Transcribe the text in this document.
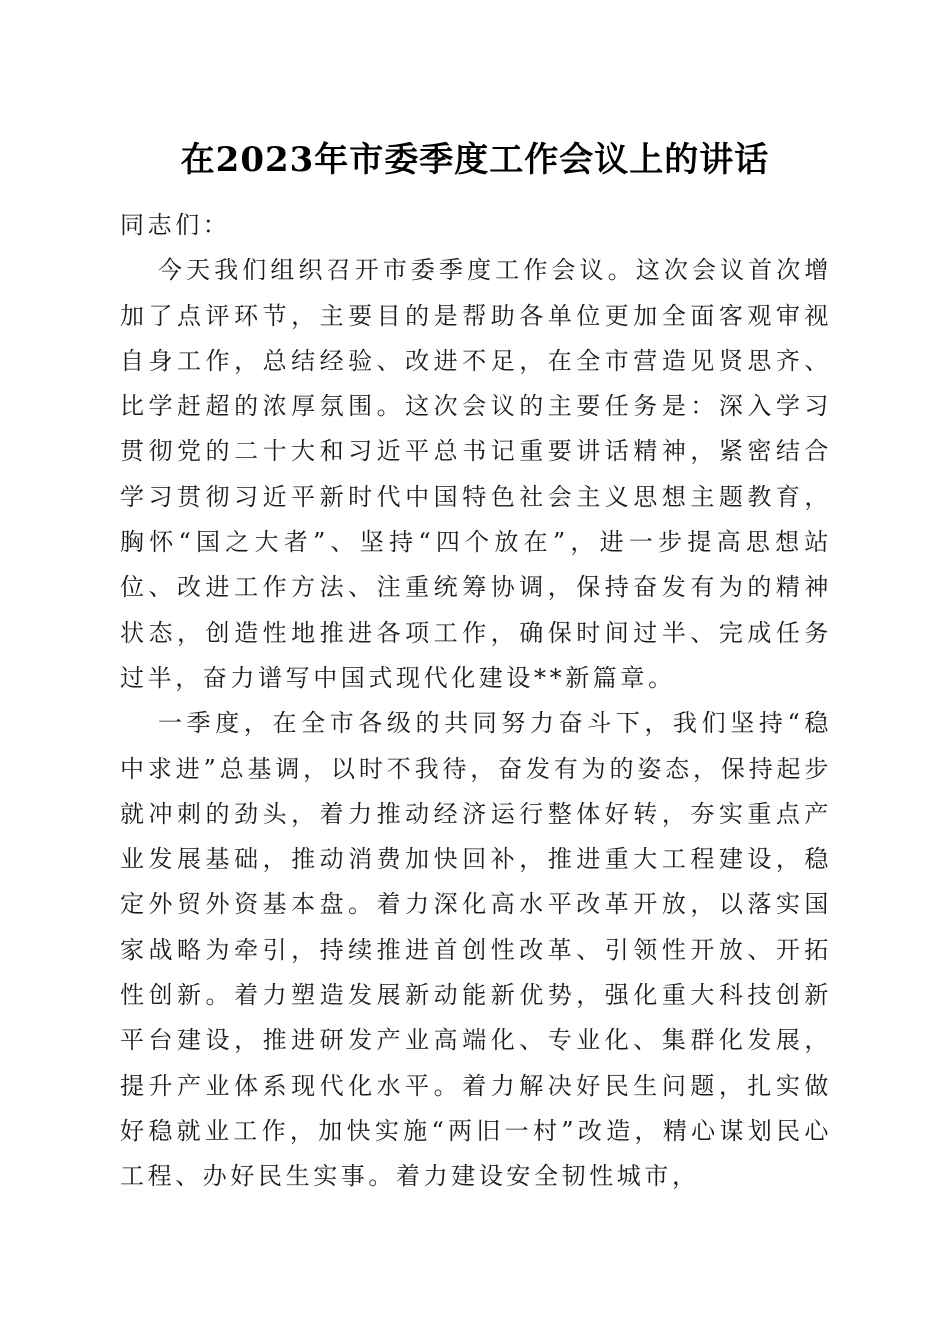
在2023年市委季度工作会议上的讲话

同志们：

今天我们组织召开市委季度工作会议。这次会议首次增加了点评环节，主要目的是帮助各单位更加全面客观审视自身工作，总结经验、改进不足，在全市营造见贤思齐、比学赶超的浓厚氛围。这次会议的主要任务是：深入学习贯彻党的二十大和习近平总书记重要讲话精神，紧密结合学习贯彻习近平新时代中国特色社会主义思想主题教育，胸怀“国之大者”、坚持“四个放在”，进一步提高思想站位、改进工作方法、注重统筹协调，保持奋发有为的精神状态，创造性地推进各项工作，确保时间过半、完成任务过半，奋力谱写中国式现代化建设**新篇章。

一季度，在全市各级的共同努力奋斗下，我们坚持“稳中求进”总基调，以时不我待，奋发有为的姿态，保持起步就冲刺的劲头，着力推动经济运行整体好转，夯实重点产业发展基础，推动消费加快回补，推进重大工程建设，稳定外贸外资基本盘。着力深化高水平改革开放，以落实国家战略为牵引，持续推进首创性改革、引领性开放、开拓性创新。着力塑造发展新动能新优势，强化重大科技创新平台建设，推进研发产业高端化、专业化、集群化发展，提升产业体系现代化水平。着力解决好民生问题，扎实做好稳就业工作，加快实施“两旧一村”改造，精心谋划民心工程、办好民生实事。着力建设安全韧性城市，
